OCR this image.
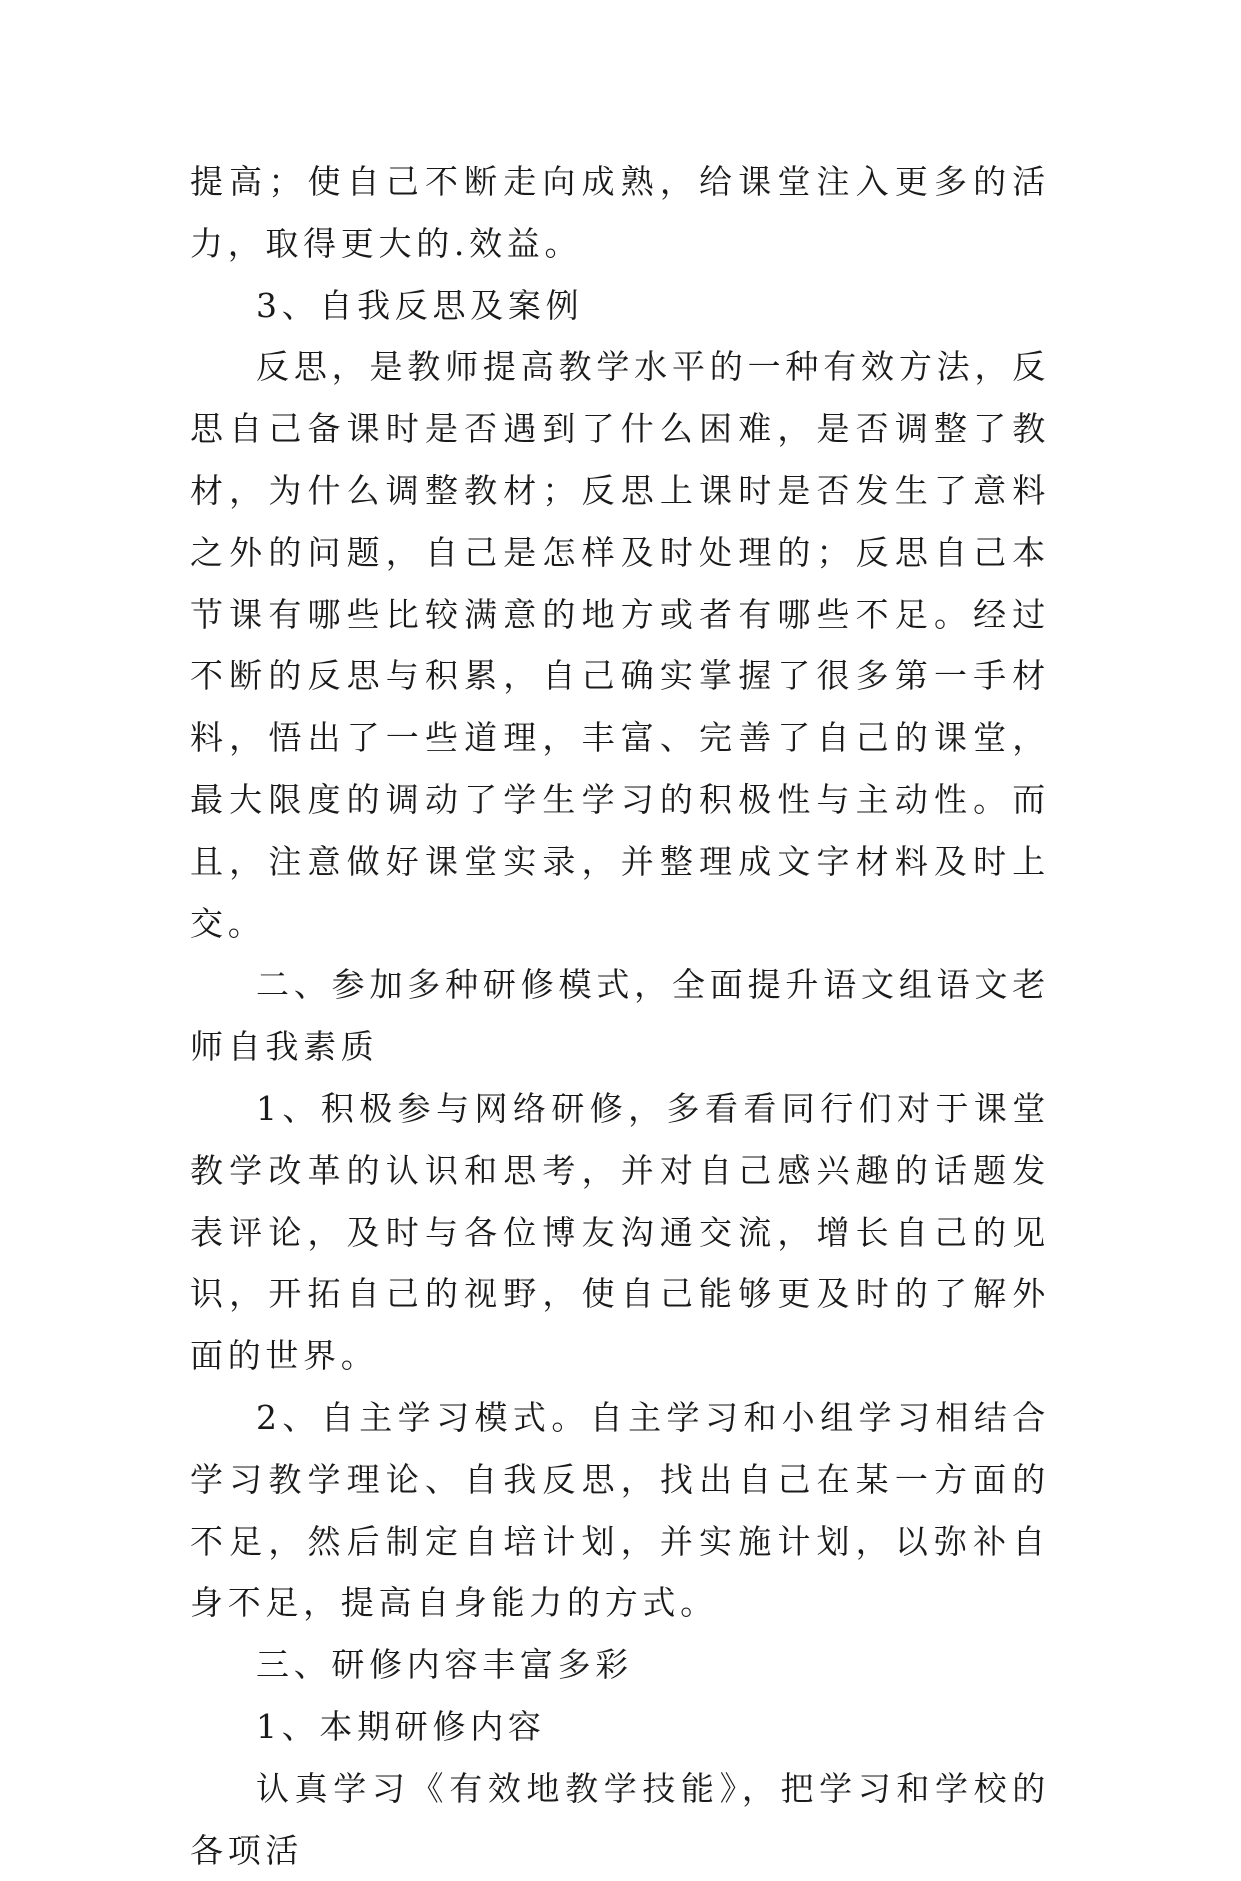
提高；使自己不断走向成熟，给课堂注入更多的活力，取得更大的.效益。

3、自我反思及案例

反思，是教师提高教学水平的一种有效方法，反思自己备课时是否遇到了什么困难，是否调整了教材，为什么调整教材；反思上课时是否发生了意料之外的问题，自己是怎样及时处理的；反思自己本节课有哪些比较满意的地方或者有哪些不足。经过不断的反思与积累，自己确实掌握了很多第一手材料，悟出了一些道理，丰富、完善了自己的课堂，最大限度的调动了学生学习的积极性与主动性。而且，注意做好课堂实录，并整理成文字材料及时上交。

二、参加多种研修模式，全面提升语文组语文老师自我素质

1、积极参与网络研修，多看看同行们对于课堂教学改革的认识和思考，并对自己感兴趣的话题发表评论，及时与各位博友沟通交流，增长自己的见识，开拓自己的视野，使自己能够更及时的了解外面的世界。

2、自主学习模式。自主学习和小组学习相结合学习教学理论、自我反思，找出自己在某一方面的不足，然后制定自培计划，并实施计划，以弥补自身不足，提高自身能力的方式。

三、研修内容丰富多彩

1、本期研修内容

认真学习《有效地教学技能》，把学习和学校的各项活
